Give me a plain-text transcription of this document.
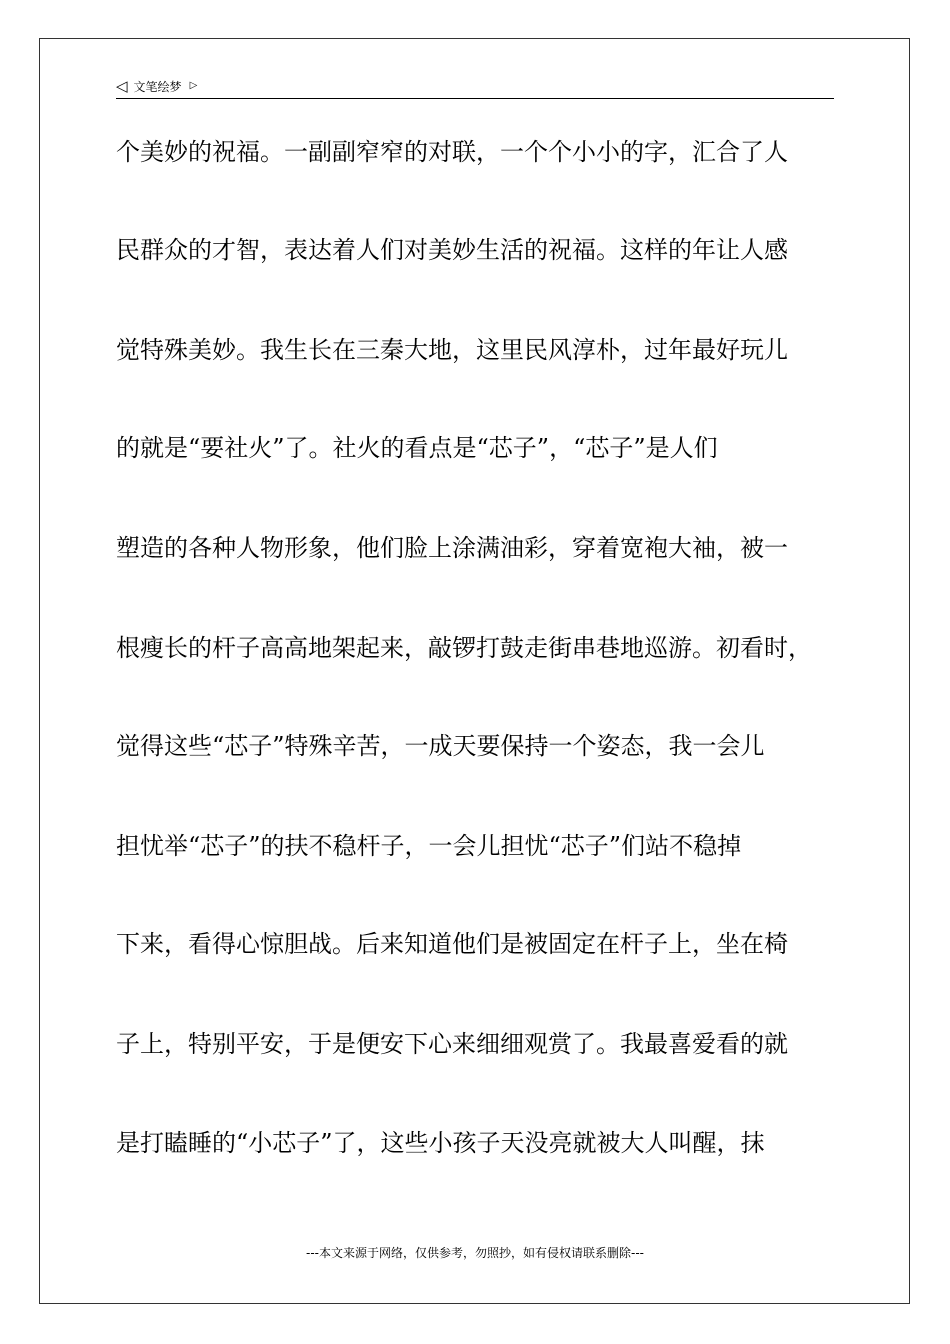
◁ 文笔绘梦 ▷
个美妙的祝福。一副副窄窄的对联，一个个小小的字，汇合了人
民群众的才智，表达着人们对美妙生活的祝福。这样的年让人感
觉特殊美妙。我生长在三秦大地，这里民风淳朴，过年最好玩儿
的就是“要社火”了。社火的看点是“芯子”，“芯子”是人们
塑造的各种人物形象，他们脸上涂满油彩，穿着宽袍大袖，被一
根瘦长的杆子高高地架起来，敲锣打鼓走街串巷地巡游。初看时，
觉得这些“芯子”特殊辛苦，一成天要保持一个姿态，我一会儿
担忧举“芯子”的扶不稳杆子，一会儿担忧“芯子”们站不稳掉
下来，看得心惊胆战。后来知道他们是被固定在杆子上，坐在椅
子上，特别平安，于是便安下心来细细观赏了。我最喜爱看的就
是打瞌睡的“小芯子”了，这些小孩子天没亮就被大人叫醒，抹
---本文来源于网络，仅供参考，勿照抄，如有侵权请联系删除---
